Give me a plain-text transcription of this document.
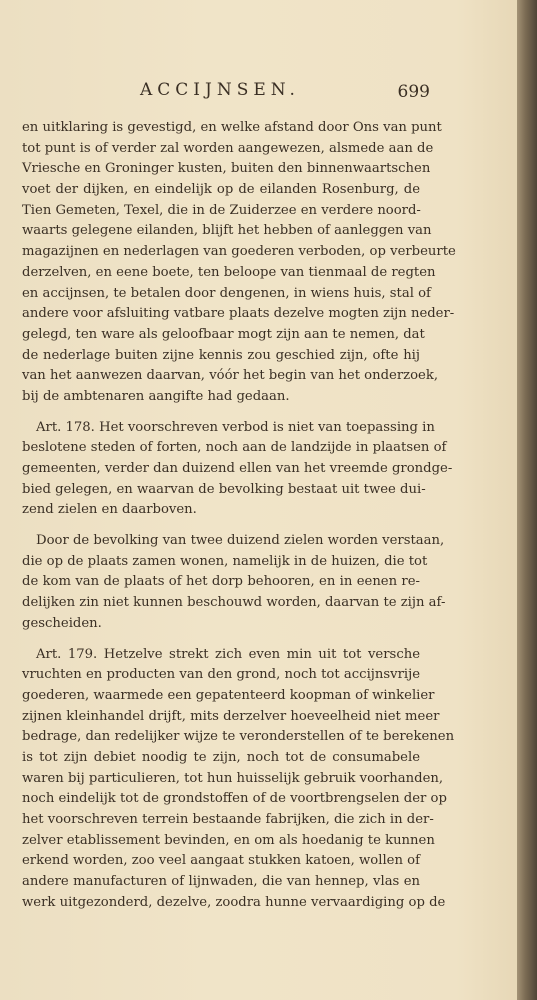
ACCIJNSEN.	699
en uitklaring is gevestigd, en welke afstand door Ons van punt
tot punt is of verder zal worden aangewezen, alsmede aan de
Vriesche en Groninger kusten, buiten den binnenwaartschen
voet der dijken, en eindelijk op de eilanden Rosenburg, de
Tien Gemeten, Texel, die in de Zuiderzee en verdere noord-
waarts gelegene eilanden, blijft het hebben of aanleggen van
magazijnen en nederlagen van goederen verboden, op verbeurte
derzelven, en eene boete, ten beloope van tienmaal de regten
en accijnsen, te betalen door dengenen, in wiens huis, stal of
andere voor afsluiting vatbare plaats dezelve mogten zijn neder-
gelegd, ten ware als geloofbaar mogt zijn aan te nemen, dat
de nederlage buiten zijne kennis zou geschied zijn, ofte hij
van het aanwezen daarvan, vóór het begin van het onderzoek,
bij de ambtenaren aangifte had gedaan.
Art. 178. Het voorschreven verbod is niet van toepassing in
beslotene steden of forten, noch aan de landzijde in plaatsen of
gemeenten, verder dan duizend ellen van het vreemde grondge-
bied gelegen, en waarvan de bevolking bestaat uit twee dui-
zend zielen en daarboven.
Door de bevolking van twee duizend zielen worden verstaan,
die op de plaats zamen wonen, namelijk in de huizen, die tot
de kom van de plaats of het dorp behooren, en in eenen re-
delijken zin niet kunnen beschouwd worden, daarvan te zijn af-
gescheiden.
Art. 179. Hetzelve strekt zich even min uit tot versche
vruchten en producten van den grond, noch tot accijnsvrije
goederen, waarmede een gepatenteerd koopman of winkelier
zijnen kleinhandel drijft, mits derzelver hoeveelheid niet meer
bedrage, dan redelijker wijze te veronderstellen of te berekenen
is tot zijn debiet noodig te zijn, noch tot de consumabele
waren bij particulieren, tot hun huisselijk gebruik voorhanden,
noch eindelijk tot de grondstoffen of de voortbrengselen der op
het voorschreven terrein bestaande fabrijken, die zich in der-
zelver etablissement bevinden, en om als hoedanig te kunnen
erkend worden, zoo veel aangaat stukken katoen, wollen of
andere manufacturen of lijnwaden, die van hennep, vlas en
werk uitgezonderd, dezelve, zoodra hunne vervaardiging op de
